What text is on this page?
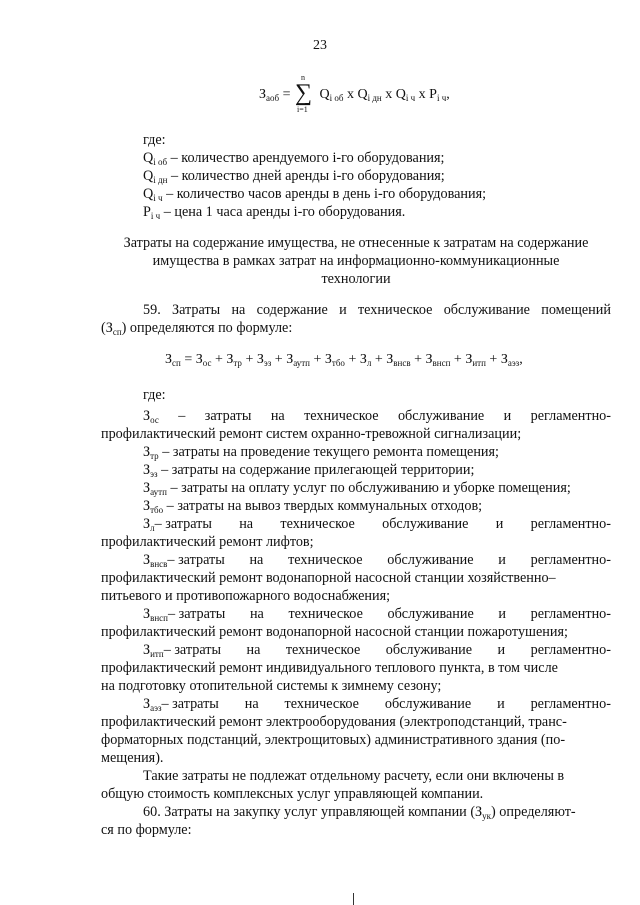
23
$З_{аоб}$ =
n
∑
i=1
$Q_{i об}$ x $Q_{i дн}$ x $Q_{i ч}$ x $P_{i ч}$,
где:
$Q_{i об}$ – количество арендуемого i-го оборудования;
$Q_{i дн}$ – количество дней аренды i-го оборудования;
$Q_{i ч}$ – количество часов аренды в день i-го оборудования;
$P_{i ч}$ – цена 1 часа аренды i-го оборудования.
Затраты на содержание имущества, не отнесенные к затратам на содержание
имущества в рамках затрат на информационно-коммуникационные
технологии
59. Затраты на содержание и техническое обслуживание помещений
$(З_{сп})$ определяются по формуле:
$З_{сп} = З_{ос} + З_{тр} + З_{эз} + З_{аутп} + З_{тбо} + З_л + З_{внсв} + З_{внсп} + З_{итп} + З_{аэз}$,
где:
$З_{ос}$ – затраты на техническое обслуживание и регламентно-
профилактический ремонт систем охранно-тревожной сигнализации;
$З_{тр}$ – затраты на проведение текущего ремонта помещения;
$З_{эз}$ – затраты на содержание прилегающей территории;
$З_{аутп}$ – затраты на оплату услуг по обслуживанию и уборке помещения;
$З_{тбо}$ – затраты на вывоз твердых коммунальных отходов;
$З_л-$ затраты на техническое обслуживание и регламентно-
профилактический ремонт лифтов;
$З_{внсв}-$ затраты на техническое обслуживание и регламентно-
профилактический ремонт водонапорной насосной станции хозяйственно–
питьевого и противопожарного водоснабжения;
$З_{внсп}-$ затраты на техническое обслуживание и регламентно-
профилактический ремонт водонапорной насосной станции пожаротушения;
$З_{итп}-$ затраты на техническое обслуживание и регламентно-
профилактический ремонт индивидуального теплового пункта, в том числе
на подготовку отопительной системы к зимнему сезону;
$З_{аэз}-$ затраты на техническое обслуживание и регламентно-
профилактический ремонт электрооборудования (электроподстанций, транс-
форматорных подстанций, электрощитовых) административного здания (по-
мещения).
Такие затраты не подлежат отдельному расчету, если они включены в
общую стоимость комплексных услуг управляющей компании.
60. Затраты на закупку услуг управляющей компании $(З_{ук})$ определяют-
ся по формуле:
